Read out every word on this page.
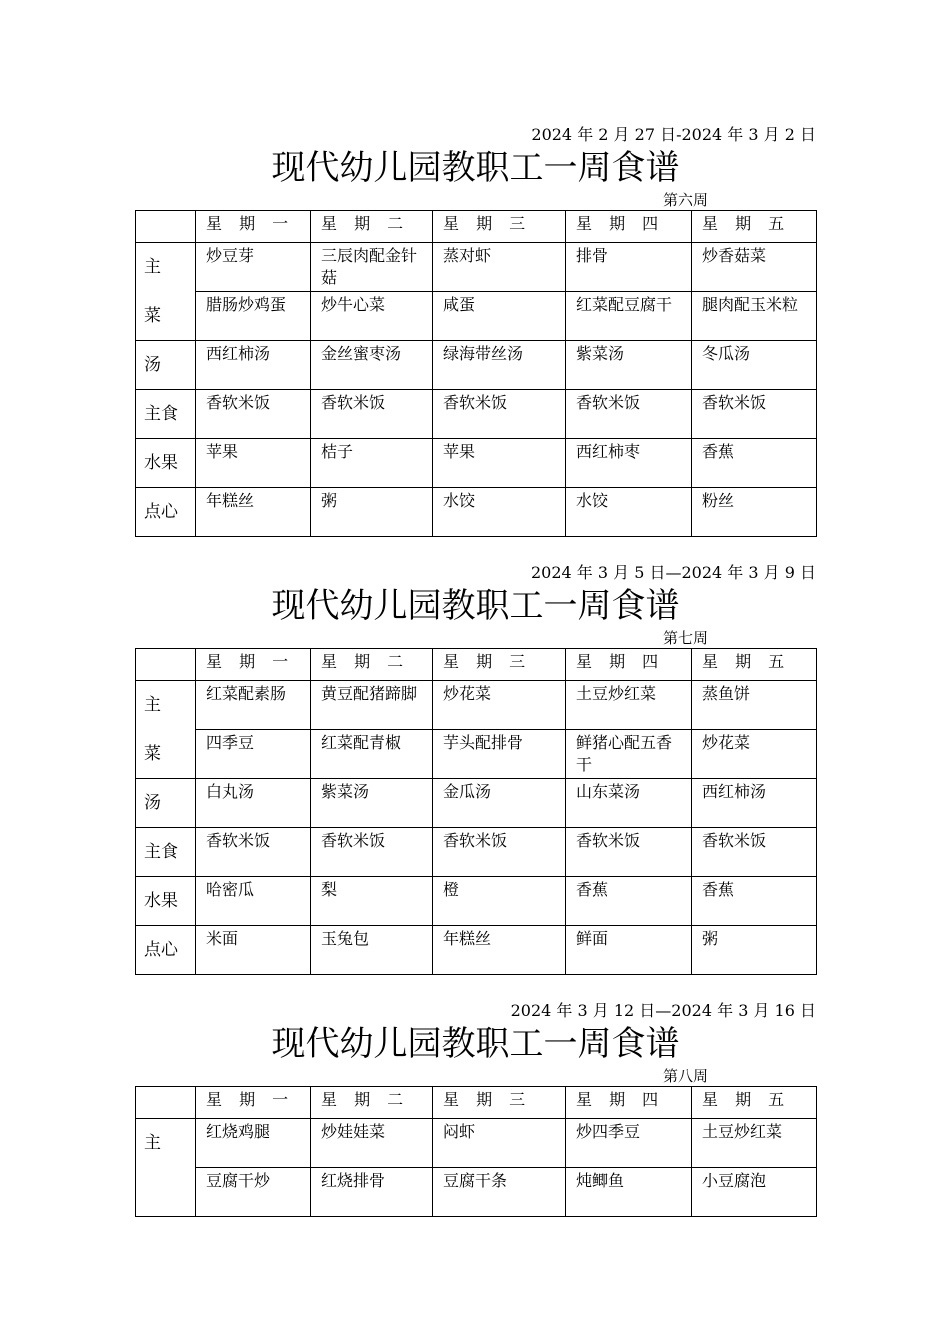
2024 年 2 月 27 日-2024 年 3 月 2 日
现代幼儿园教职工一周食谱
第六周
	星 期 一	星 期 二	星 期 三	星 期 四	星 期 五
主	炒豆芽	三辰肉配金针菇	蒸对虾	排骨	炒香菇菜
菜	腊肠炒鸡蛋	炒牛心菜	咸蛋	红菜配豆腐干	腿肉配玉米粒
汤	西红柿汤	金丝蜜枣汤	绿海带丝汤	紫菜汤	冬瓜汤
主食	香软米饭	香软米饭	香软米饭	香软米饭	香软米饭
水果	苹果	桔子	苹果	西红柿枣	香蕉
点心	年糕丝	粥	水饺	水饺	粉丝
2024 年 3 月 5 日—2024 年 3 月 9 日
现代幼儿园教职工一周食谱
第七周
	星 期 一	星 期 二	星 期 三	星 期 四	星 期 五
主	红菜配素肠	黄豆配猪蹄脚	炒花菜	土豆炒红菜	蒸鱼饼
菜	四季豆	红菜配青椒	芋头配排骨	鲜猪心配五香干	炒花菜
汤	白丸汤	紫菜汤	金瓜汤	山东菜汤	西红柿汤
主食	香软米饭	香软米饭	香软米饭	香软米饭	香软米饭
水果	哈密瓜	梨	橙	香蕉	香蕉
点心	米面	玉兔包	年糕丝	鲜面	粥
2024 年 3 月 12 日—2024 年 3 月 16 日
现代幼儿园教职工一周食谱
第八周
	星 期 一	星 期 二	星 期 三	星 期 四	星 期 五
主	红烧鸡腿	炒娃娃菜	闷虾	炒四季豆	土豆炒红菜
	豆腐干炒	红烧排骨	豆腐干条	炖鲫鱼	小豆腐泡
